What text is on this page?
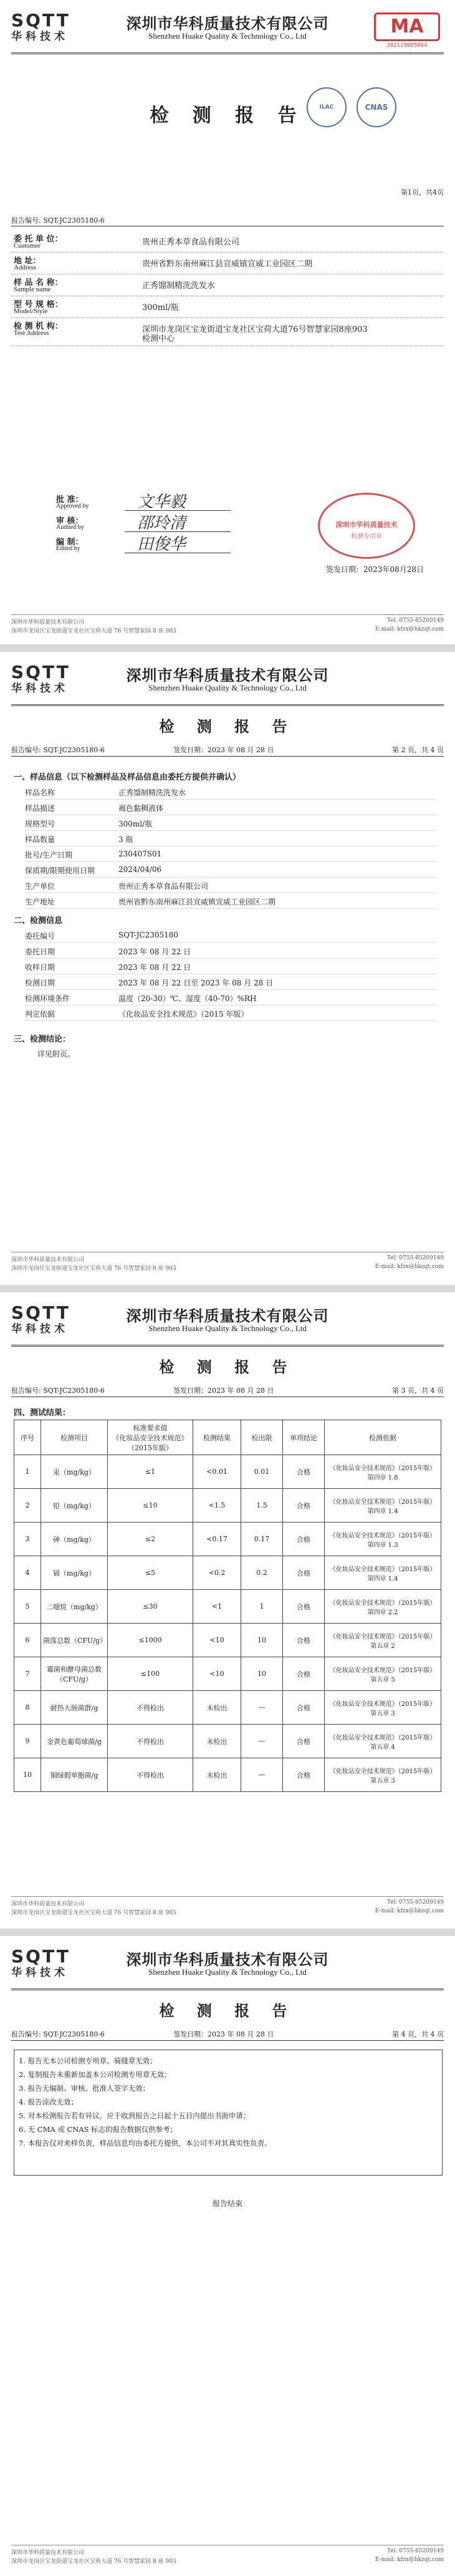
SQTT
华科技术
深圳市华科质量技术有限公司
Shenzhen Huake Quality & Technology Co., Ltd	MA
202119005864
检 测 报 告	ILAC	CNAS
第1页，共4页
报告编号: SQT-JC2305180-6
委 托 单 位：
Customer	贵州正秀本草食品有限公司
地 址：
Address	贵州省黔东南州麻江县宣威镇宣威工业园区二期
样 品 名 称：
Sample name	正秀馏制精洗洗发水
型 号 规 格：
Model/Style	300ml/瓶
检 测 机 构：
Test Address	深圳市龙岗区宝龙街道宝龙社区宝荷大道76号智慧家园8座903
检测中心
批 准：
Approved by	文华毅
审 核：
Audited by	邵玲清
编 制：
Edited by	田俊华
深圳市华科质量技术
检测专用章
签发日期：2023年08月28日
深圳市华科质量技术有限公司
深圳市龙岗区宝龙街道宝龙社区宝荷大道 76 号智慧家园 8 座 903
Tel: 0755-85209149
E-mail: kfzx@hkzqt.com
SQTT
华科技术
深圳市华科质量技术有限公司
Shenzhen Huake Quality & Technology Co., Ltd
检 测 报 告
报告编号: SQT-JC2305180-6	签发日期：2023 年 08 月 28 日	第 2 页，共 4 页
一、样品信息（以下检测样品及样品信息由委托方提供并确认）
样品名称	正秀馏制精洗洗发水
样品描述	褐色黏稠液体
规格型号	300ml/瓶
样品数量	3 瓶
批号/生产日期	230407S01
保质期/限期使用日期	2024/04/06
生产单位	贵州正秀本草食品有限公司
生产地址	贵州省黔东南州麻江县宣威镇宣威工业园区二期
二、检测信息
委托编号	SQT-JC2305180
委托日期	2023 年 08 月 22 日
收样日期	2023 年 08 月 22 日
检测日期	2023 年 08 月 22 日至 2023 年 08 月 28 日
检测环境条件	温度（20-30）℃、湿度（40-70）%RH
判定依据	《化妆品安全技术规范》（2015 年版）
三、检测结论：
详见附页。
深圳市华科质量技术有限公司
深圳市龙岗区宝龙街道宝龙社区宝荷大道 76 号智慧家园 8 座 903
Tel: 0755-85209149
E-mail: kfzx@hkzqt.com
SQTT
华科技术
深圳市华科质量技术有限公司
Shenzhen Huake Quality & Technology Co., Ltd
检 测 报 告
报告编号: SQT-JC2305180-6	签发日期：2023 年 08 月 28 日	第 3 页，共 4 页
四、测试结果：
序号	检测项目	标准要求值
《化妆品安全技术规范》（2015年版）	检测结果	检出限	单项结论	检测依据
1	汞（mg/kg）	≤1	<0.01	0.01	合格	《化妆品安全技术规范》（2015年版）第四章 1.8
2	铅（mg/kg）	≤10	<1.5	1.5	合格	《化妆品安全技术规范》（2015年版）第四章 1.4
3	砷（mg/kg）	≤2	<0.17	0.17	合格	《化妆品安全技术规范》（2015年版）第四章 1.3
4	镉（mg/kg）	≤5	<0.2	0.2	合格	《化妆品安全技术规范》（2015年版）第四章 1.4
5	二噁烷（mg/kg）	≤30	<1	1	合格	《化妆品安全技术规范》（2015年版）第四章 2.2
6	菌落总数（CFU/g）	≤1000	<10	10	合格	《化妆品安全技术规范》（2015年版）第五章 2
7	霉菌和酵母菌总数（CFU/g）	≤100	<10	10	合格	《化妆品安全技术规范》（2015年版）第五章 5
8	耐热大肠菌群/g	不得检出	未检出	—	合格	《化妆品安全技术规范》（2015年版）第五章 3
9	金黄色葡萄球菌/g	不得检出	未检出	—	合格	《化妆品安全技术规范》（2015年版）第五章 4
10	铜绿假单胞菌/g	不得检出	未检出	—	合格	《化妆品安全技术规范》（2015年版）第五章 3
深圳市华科质量技术有限公司
深圳市龙岗区宝龙街道宝龙社区宝荷大道 76 号智慧家园 8 座 903
Tel: 0755-85209149
E-mail: kfzx@hkzqt.com
SQTT
华科技术
深圳市华科质量技术有限公司
Shenzhen Huake Quality & Technology Co., Ltd
检 测 报 告
报告编号: SQT-JC2305180-6	签发日期：2023 年 08 月 28 日	第 4 页，共 4 页
1. 报告无本公司检测专用章、骑缝章无效；
2. 复制报告未重新加盖本公司检测专用章无效；
3. 报告无编制、审核、批准人签字无效；
4. 报告涂改无效；
5. 对本检测报告若有异议，应于收到报告之日起十五日内提出书面申请；
6. 无 CMA 或 CNAS 标志的报告数据仅供参考；
7. 本报告仅对来样负责，样品信息均由委托方提供，本公司不对其真实性负责。
报告结束
深圳市华科质量技术有限公司
深圳市龙岗区宝龙街道宝龙社区宝荷大道 76 号智慧家园 8 座 903
Tel: 0755-85209149
E-mail: kfzx@hkzqt.com
